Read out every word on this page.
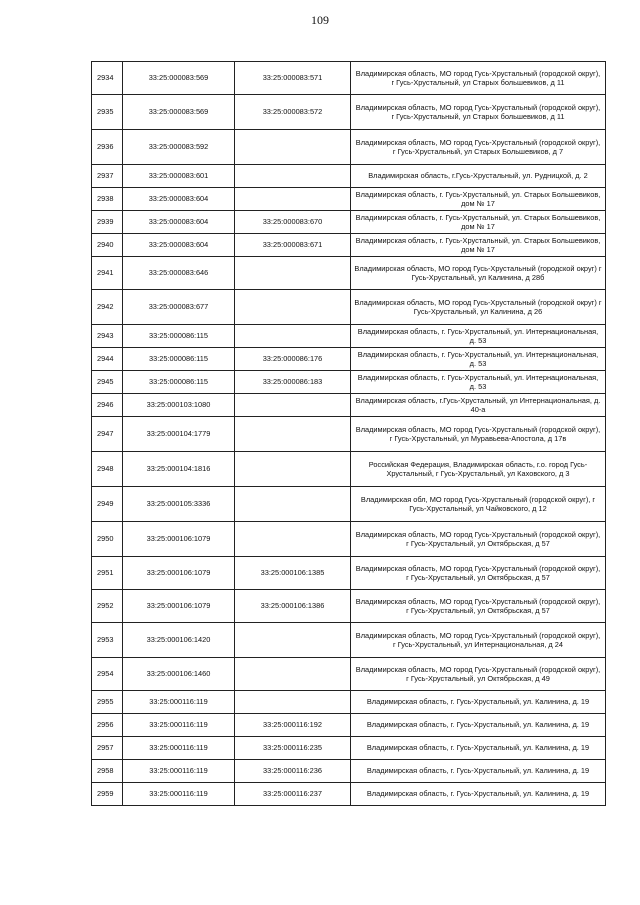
109
2934	33:25:000083:569	33:25:000083:571	Владимирская область, МО город Гусь-Хрустальный (городской округ), г Гусь-Хрустальный, ул Старых большевиков, д 11
2935	33:25:000083:569	33:25:000083:572	Владимирская область, МО город Гусь-Хрустальный (городской округ), г Гусь-Хрустальный, ул Старых большевиков, д 11
2936	33:25:000083:592		Владимирская область, МО город Гусь-Хрустальный (городской округ), г Гусь-Хрустальный, ул Старых Большевиков, д 7
2937	33:25:000083:601		Владимирская область, г.Гусь-Хрустальный, ул. Рудницкой, д. 2
2938	33:25:000083:604		Владимирская область, г. Гусь-Хрустальный, ул. Старых Большевиков, дом № 17
2939	33:25:000083:604	33:25:000083:670	Владимирская область, г. Гусь-Хрустальный, ул. Старых Большевиков, дом № 17
2940	33:25:000083:604	33:25:000083:671	Владимирская область, г. Гусь-Хрустальный, ул. Старых Большевиков, дом № 17
2941	33:25:000083:646		Владимирская область, МО город Гусь-Хрустальный (городской округ) г Гусь-Хрустальный, ул Калинина, д 28б
2942	33:25:000083:677		Владимирская область, МО город Гусь-Хрустальный (городской округ) г Гусь-Хрустальный, ул Калинина, д 26
2943	33:25:000086:115		Владимирская область, г. Гусь-Хрустальный, ул. Интернациональная, д. 53
2944	33:25:000086:115	33:25:000086:176	Владимирская область, г. Гусь-Хрустальный, ул. Интернациональная, д. 53
2945	33:25:000086:115	33:25:000086:183	Владимирская область, г. Гусь-Хрустальный, ул. Интернациональная, д. 53
2946	33:25:000103:1080		Владимирская область, г.Гусь-Хрустальный, ул Интернациональная, д. 40-а
2947	33:25:000104:1779		Владимирская область, МО город Гусь-Хрустальный (городской округ), г Гусь-Хрустальный, ул Муравьева-Апостола, д 17в
2948	33:25:000104:1816		Российская Федерация, Владимирская область, г.о. город Гусь-Хрустальный, г Гусь-Хрустальный, ул Каховского, д 3
2949	33:25:000105:3336		Владимирская обл, МО город Гусь-Хрустальный (городской округ), г Гусь-Хрустальный, ул Чайковского, д 12
2950	33:25:000106:1079		Владимирская область, МО город Гусь-Хрустальный (городской округ), г Гусь-Хрустальный, ул Октябрьская, д 57
2951	33:25:000106:1079	33:25:000106:1385	Владимирская область, МО город Гусь-Хрустальный (городской округ), г Гусь-Хрустальный, ул Октябрьская, д 57
2952	33:25:000106:1079	33:25:000106:1386	Владимирская область, МО город Гусь-Хрустальный (городской округ), г Гусь-Хрустальный, ул Октябрьская, д 57
2953	33:25:000106:1420		Владимирская область, МО город Гусь-Хрустальный (городской округ), г Гусь-Хрустальный, ул Интернациональная, д 24
2954	33:25:000106:1460		Владимирская область, МО город Гусь-Хрустальный (городской округ), г Гусь-Хрустальный, ул Октябрьская, д 49
2955	33:25:000116:119		Владимирская область, г. Гусь-Хрустальный, ул. Калинина, д. 19
2956	33:25:000116:119	33:25:000116:192	Владимирская область, г. Гусь-Хрустальный, ул. Калинина, д. 19
2957	33:25:000116:119	33:25:000116:235	Владимирская область, г. Гусь-Хрустальный, ул. Калинина, д. 19
2958	33:25:000116:119	33:25:000116:236	Владимирская область, г. Гусь-Хрустальный, ул. Калинина, д. 19
2959	33:25:000116:119	33:25:000116:237	Владимирская область, г. Гусь-Хрустальный, ул. Калинина, д. 19
